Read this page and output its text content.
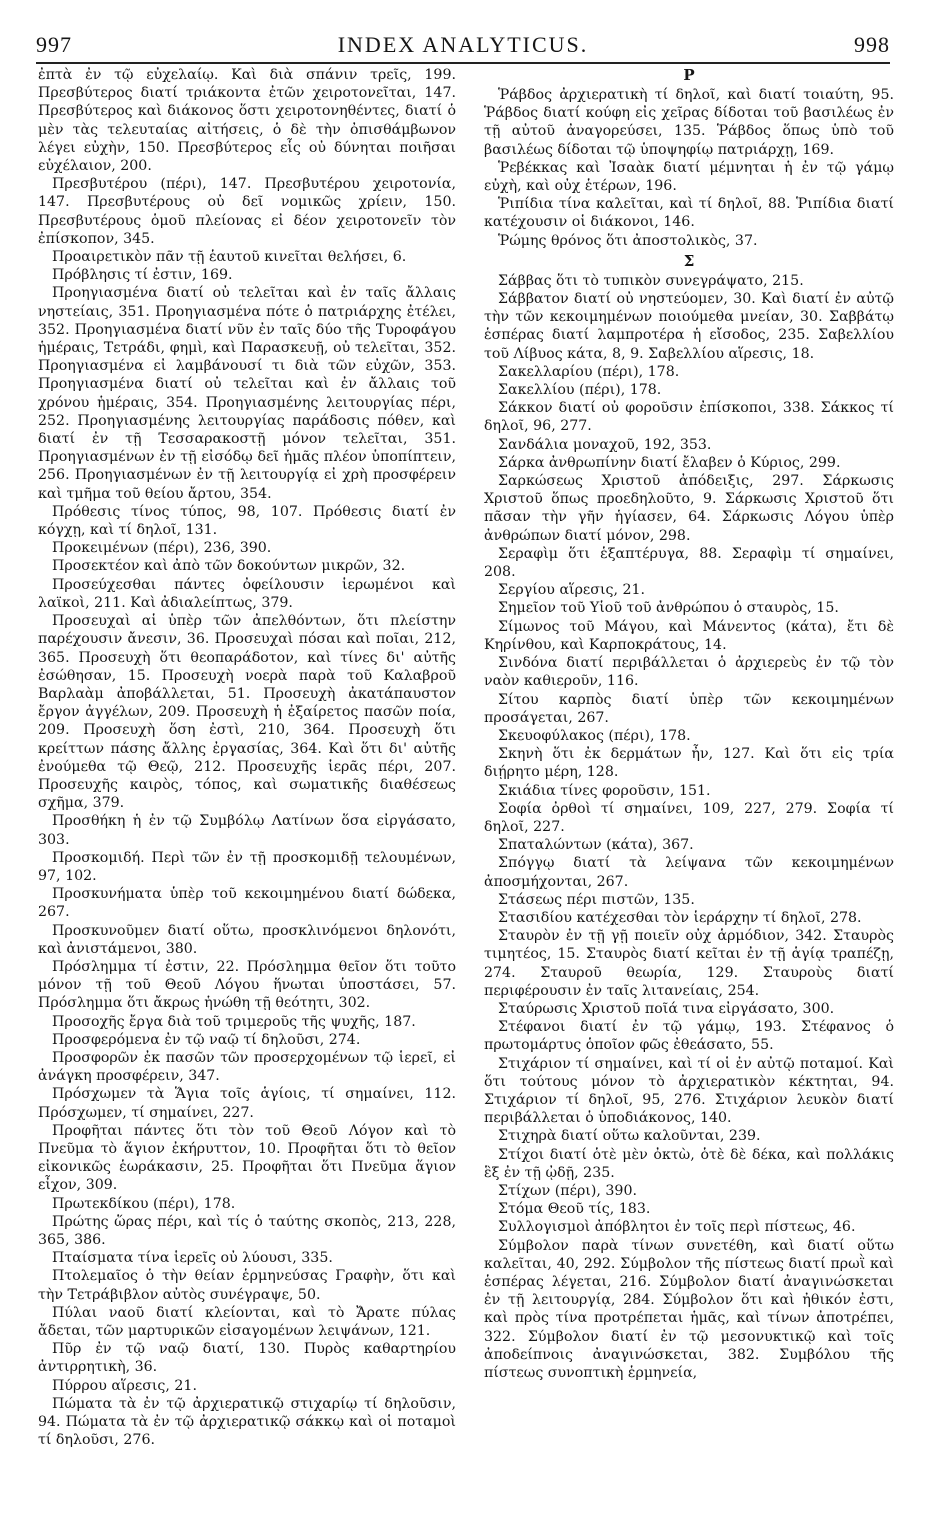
997	INDEX ANALYTICUS.	998

ἐπτὰ ἐν τῷ εὐχελαίῳ. Καὶ διὰ σπάνιν τρεῖς, 199. Πρεσβύτερος διατί τριάκοντα ἐτῶν χειροτονεῖται, 147. Πρεσβύτερος καὶ διάκονος ὅστι χειροτονηθέντες, διατί ὁ μὲν τὰς τελευταίας αἰτήσεις, ὁ δὲ τὴν ὀπισθάμβωνον λέγει εὐχὴν, 150. Πρεσβύτερος εἷς οὐ δύνηται ποιῆσαι εὐχέλαιον, 200.

Πρεσβυτέρου (πέρι), 147. Πρεσβυτέρου χειροτονία, 147. Πρεσβυτέρους οὐ δεῖ νομικῶς χρίειν, 150. Πρεσβυτέρους ὁμοῦ πλείονας εἰ δέον χειροτονεῖν τὸν ἐπίσκοπον, 345.

Προαιρετικὸν πᾶν τῇ ἑαυτοῦ κινεῖται θελήσει, 6.

Πρόβλησις τί ἐστιν, 169.

Προηγιασμένα διατί οὐ τελεῖται καὶ ἐν ταῖς ἄλλαις νηστείαις, 351. Προηγιασμένα πότε ὁ πατριάρχης ἐτέλει, 352. Προηγιασμένα διατί νῦν ἐν ταῖς δύο τῆς Τυροφάγου ἡμέραις, Τετράδι, φημὶ, καὶ Παρασκευῇ, οὐ τελεῖται, 352. Προηγιασμένα εἰ λαμβάνουσί τι διὰ τῶν εὐχῶν, 353. Προηγιασμένα διατί οὐ τελεῖται καὶ ἐν ἄλλαις τοῦ χρόνου ἡμέραις, 354. Προηγιασμένης λειτουργίας πέρι, 252. Προηγιασμένης λειτουργίας παράδοσις πόθεν, καὶ διατί ἐν τῇ Τεσσαρακοστῇ μόνον τελεῖται, 351. Προηγιασμένων ἐν τῇ εἰσόδῳ δεῖ ἡμᾶς πλέον ὑποπίπτειν, 256. Προηγιασμένων ἐν τῇ λειτουργίᾳ εἰ χρὴ προσφέρειν καὶ τμῆμα τοῦ θείου ἄρτου, 354.

Πρόθεσις τίνος τύπος, 98, 107. Πρόθεσις διατί ἐν κόγχῃ, καὶ τί δηλοῖ, 131.

Προκειμένων (πέρι), 236, 390.

Προσεκτέον καὶ ἀπὸ τῶν δοκούντων μικρῶν, 32.

Προσεύχεσθαι πάντες ὀφείλουσιν ἱερωμένοι καὶ λαϊκοὶ, 211. Καὶ ἀδιαλείπτως, 379.

Προσευχαὶ αἱ ὑπὲρ τῶν ἀπελθόντων, ὅτι πλείστην παρέχουσιν ἄνεσιν, 36. Προσευχαὶ πόσαι καὶ ποῖαι, 212, 365. Προσευχὴ ὅτι θεοπαράδοτον, καὶ τίνες δι' αὐτῆς ἐσώθησαν, 15. Προσευχὴ νοερὰ παρὰ τοῦ Καλαβροῦ Βαρλαὰμ ἀποβάλλεται, 51. Προσευχὴ ἀκατάπαυστον ἔργον ἀγγέλων, 209. Προσευχὴ ἡ ἐξαίρετος πασῶν ποία, 209. Προσευχὴ ὅση ἐστὶ, 210, 364. Προσευχὴ ὅτι κρείττων πάσης ἄλλης ἐργασίας, 364. Καὶ ὅτι δι' αὐτῆς ἐνούμεθα τῷ Θεῷ, 212. Προσευχῆς ἱερᾶς πέρι, 207. Προσευχῆς καιρὸς, τόπος, καὶ σωματικῆς διαθέσεως σχῆμα, 379.

Προσθήκη ἡ ἐν τῷ Συμβόλῳ Λατίνων ὅσα εἰργάσατο, 303.

Προσκομιδή. Περὶ τῶν ἐν τῇ προσκομιδῇ τελουμένων, 97, 102.

Προσκυνήματα ὑπὲρ τοῦ κεκοιμημένου διατί δώδεκα, 267.

Προσκυνοῦμεν διατί οὕτω, προσκλινόμενοι δηλονότι, καὶ ἀνιστάμενοι, 380.

Πρόσλημμα τί ἐστιν, 22. Πρόσλημμα θεῖον ὅτι τοῦτο μόνον τῇ τοῦ Θεοῦ Λόγου ἥνωται ὑποστάσει, 57. Πρόσλημμα ὅτι ἄκρως ἡνώθη τῇ θεότητι, 302.

Προσοχῆς ἔργα διὰ τοῦ τριμεροῦς τῆς ψυχῆς, 187.

Προσφερόμενα ἐν τῷ ναῷ τί δηλοῦσι, 274.

Προσφορῶν ἐκ πασῶν τῶν προσερχομένων τῷ ἱερεῖ, εἰ ἀνάγκη προσφέρειν, 347.

Πρόσχωμεν τὰ Ἅγια τοῖς ἁγίοις, τί σημαίνει, 112. Πρόσχωμεν, τί σημαίνει, 227.

Προφῆται πάντες ὅτι τὸν τοῦ Θεοῦ Λόγον καὶ τὸ Πνεῦμα τὸ ἅγιον ἐκήρυττον, 10. Προφῆται ὅτι τὸ θεῖον εἰκονικῶς ἑωράκασιν, 25. Προφῆται ὅτι Πνεῦμα ἅγιον εἶχον, 309.

Πρωτεκδίκου (πέρι), 178.

Πρώτης ὥρας πέρι, καὶ τίς ὁ ταύτης σκοπὸς, 213, 228, 365, 386.

Πταίσματα τίνα ἱερεῖς οὐ λύουσι, 335.

Πτολεμαῖος ὁ τὴν θείαν ἑρμηνεύσας Γραφὴν, ὅτι καὶ τὴν Τετράβιβλον αὐτὸς συνέγραψε, 50.

Πύλαι ναοῦ διατί κλείονται, καὶ τὸ Ἄρατε πύλας ἄδεται, τῶν μαρτυρικῶν εἰσαγομένων λειψάνων, 121.

Πῦρ ἐν τῷ ναῷ διατί, 130. Πυρὸς καθαρτηρίου ἀντιρρητικὴ, 36.

Πύρρου αἵρεσις, 21.

Πώματα τὰ ἐν τῷ ἀρχιερατικῷ στιχαρίῳ τί δηλοῦσιν, 94. Πώματα τὰ ἐν τῷ ἀρχιερατικῷ σάκκῳ καὶ οἱ ποταμοὶ τί δηλοῦσι, 276.

P

Ῥάβδος ἀρχιερατικὴ τί δηλοῖ, καὶ διατί τοιαύτη, 95. Ῥάβδος διατί κούφη εἰς χεῖρας δίδοται τοῦ βασιλέως ἐν τῇ αὐτοῦ ἀναγορεύσει, 135. Ῥάβδος ὅπως ὑπὸ τοῦ βασιλέως δίδοται τῷ ὑποψηφίῳ πατριάρχῃ, 169.

Ῥεβέκκας καὶ Ἰσαὰκ διατί μέμνηται ἡ ἐν τῷ γάμῳ εὐχὴ, καὶ οὐχ ἑτέρων, 196.

Ῥιπίδια τίνα καλεῖται, καὶ τί δηλοῖ, 88. Ῥιπίδια διατί κατέχουσιν οἱ διάκονοι, 146.

Ῥώμης θρόνος ὅτι ἀποστολικὸς, 37.

Σ

Σάββας ὅτι τὸ τυπικὸν συνεγράψατο, 215.

Σάββατον διατί οὐ νηστεύομεν, 30. Καὶ διατί ἐν αὐτῷ τὴν τῶν κεκοιμημένων ποιούμεθα μνείαν, 30. Σαββάτῳ ἑσπέρας διατί λαμπροτέρα ἡ εἴσοδος, 235. Σαβελλίου τοῦ Λίβυος κάτα, 8, 9. Σαβελλίου αἵρεσις, 18.

Σακελλαρίου (πέρι), 178.

Σακελλίου (πέρι), 178.

Σάκκον διατί οὐ φοροῦσιν ἐπίσκοποι, 338. Σάκκος τί δηλοῖ, 96, 277.

Σανδάλια μοναχοῦ, 192, 353.

Σάρκα ἀνθρωπίνην διατί ἔλαβεν ὁ Κύριος, 299.

Σαρκώσεως Χριστοῦ ἀπόδειξις, 297. Σάρκωσις Χριστοῦ ὅπως προεδηλοῦτο, 9. Σάρκωσις Χριστοῦ ὅτι πᾶσαν τὴν γῆν ἡγίασεν, 64. Σάρκωσις Λόγου ὑπὲρ ἀνθρώπων διατί μόνον, 298.

Σεραφὶμ ὅτι ἑξαπτέρυγα, 88. Σεραφὶμ τί σημαίνει, 208.

Σεργίου αἵρεσις, 21.

Σημεῖον τοῦ Υἱοῦ τοῦ ἀνθρώπου ὁ σταυρὸς, 15.

Σίμωνος τοῦ Μάγου, καὶ Μάνεντος (κάτα), ἔτι δὲ Κηρίνθου, καὶ Καρποκράτους, 14.

Σινδόνα διατί περιβάλλεται ὁ ἀρχιερεὺς ἐν τῷ τὸν ναὸν καθιεροῦν, 116.

Σίτου καρπὸς διατί ὑπὲρ τῶν κεκοιμημένων προσάγεται, 267.

Σκευοφύλακος (πέρι), 178.

Σκηνὴ ὅτι ἐκ δερμάτων ἦν, 127. Καὶ ὅτι εἰς τρία διῄρητο μέρη, 128.

Σκιάδια τίνες φοροῦσιν, 151.

Σοφία ὀρθοὶ τί σημαίνει, 109, 227, 279. Σοφία τί δηλοῖ, 227.

Σπαταλώντων (κάτα), 367.

Σπόγγῳ διατί τὰ λείψανα τῶν κεκοιμημένων ἀποσμήχονται, 267.

Στάσεως πέρι πιστῶν, 135.

Στασιδίου κατέχεσθαι τὸν ἱεράρχην τί δηλοῖ, 278.

Σταυρὸν ἐν τῇ γῇ ποιεῖν οὐχ ἁρμόδιον, 342. Σταυρὸς τιμητέος, 15. Σταυρὸς διατί κεῖται ἐν τῇ ἁγίᾳ τραπέζῃ, 274. Σταυροῦ θεωρία, 129. Σταυροὺς διατί περιφέρουσιν ἐν ταῖς λιτανείαις, 254.

Σταύρωσις Χριστοῦ ποῖά τινα εἰργάσατο, 300.

Στέφανοι διατί ἐν τῷ γάμῳ, 193. Στέφανος ὁ πρωτομάρτυς ὁποῖον φῶς ἐθεάσατο, 55.

Στιχάριον τί σημαίνει, καὶ τί οἱ ἐν αὐτῷ ποταμοί. Καὶ ὅτι τούτους μόνον τὸ ἀρχιερατικὸν κέκτηται, 94. Στιχάριον τί δηλοῖ, 95, 276. Στιχάριον λευκὸν διατί περιβάλλεται ὁ ὑποδιάκονος, 140.

Στιχηρὰ διατί οὕτω καλοῦνται, 239.

Στίχοι διατί ὁτὲ μὲν ὀκτὼ, ὁτὲ δὲ δέκα, καὶ πολλάκις ἓξ ἐν τῇ ᾠδῇ, 235.

Στίχων (πέρι), 390.

Στόμα Θεοῦ τίς, 183.

Συλλογισμοὶ ἀπόβλητοι ἐν τοῖς περὶ πίστεως, 46.

Σύμβολον παρὰ τίνων συνετέθη, καὶ διατί οὕτω καλεῖται, 40, 292. Σύμβολον τῆς πίστεως διατί πρωῒ καὶ ἑσπέρας λέγεται, 216. Σύμβολον διατί ἀναγινώσκεται ἐν τῇ λειτουργίᾳ, 284. Σύμβολον ὅτι καὶ ἠθικόν ἐστι, καὶ πρὸς τίνα προτρέπεται ἡμᾶς, καὶ τίνων ἀποτρέπει, 322. Σύμβολον διατί ἐν τῷ μεσονυκτικῷ καὶ τοῖς ἀποδείπνοις ἀναγινώσκεται, 382. Συμβόλου τῆς πίστεως συνοπτικὴ ἑρμηνεία,
